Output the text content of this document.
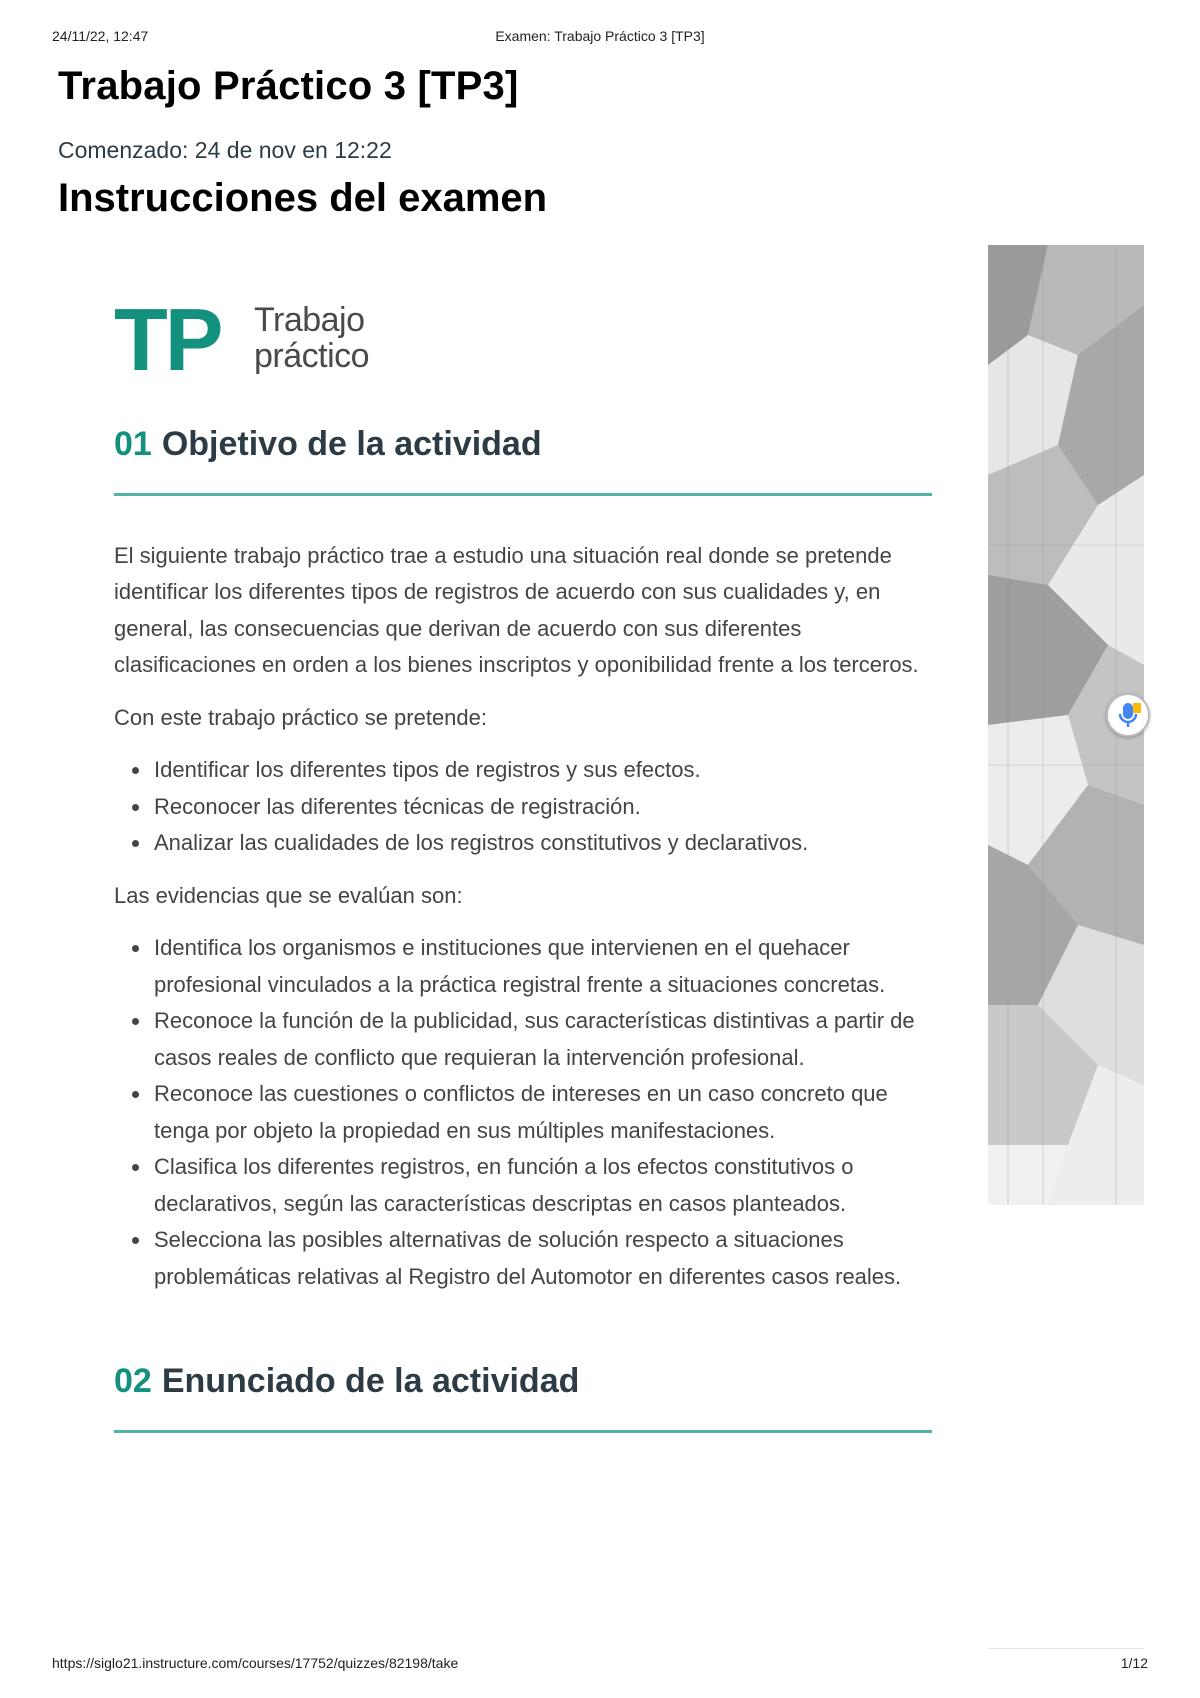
24/11/22, 12:47	Examen: Trabajo Práctico 3 [TP3]
Trabajo Práctico 3 [TP3]
Comenzado: 24 de nov en 12:22
Instrucciones del examen
TP Trabajo
práctico
01 Objetivo de la actividad

El siguiente trabajo práctico trae a estudio una situación real donde se pretende identificar los diferentes tipos de registros de acuerdo con sus cualidades y, en general, las consecuencias que derivan de acuerdo con sus diferentes clasificaciones en orden a los bienes inscriptos y oponibilidad frente a los terceros.

Con este trabajo práctico se pretende:

• Identificar los diferentes tipos de registros y sus efectos.
• Reconocer las diferentes técnicas de registración.
• Analizar las cualidades de los registros constitutivos y declarativos.

Las evidencias que se evalúan son:

• Identifica los organismos e instituciones que intervienen en el quehacer profesional vinculados a la práctica registral frente a situaciones concretas.
• Reconoce la función de la publicidad, sus características distintivas a partir de casos reales de conflicto que requieran la intervención profesional.
• Reconoce las cuestiones o conflictos de intereses en un caso concreto que tenga por objeto la propiedad en sus múltiples manifestaciones.
• Clasifica los diferentes registros, en función a los efectos constitutivos o declarativos, según las características descriptas en casos planteados.
• Selecciona las posibles alternativas de solución respecto a situaciones problemáticas relativas al Registro del Automotor en diferentes casos reales.
02 Enunciado de la actividad
https://siglo21.instructure.com/courses/17752/quizzes/82198/take	1/12
